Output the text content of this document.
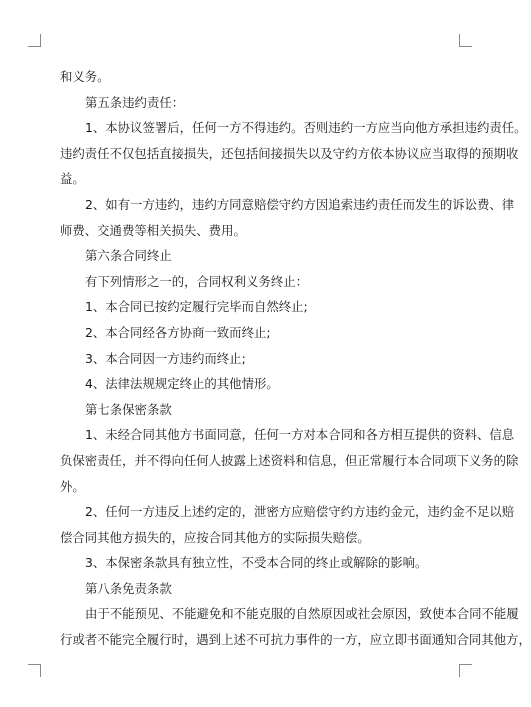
和义务。
第五条违约责任：
1、本协议签署后，任何一方不得违约。否则违约一方应当向他方承担违约责任。
违约责任不仅包括直接损失，还包括间接损失以及守约方依本协议应当取得的预期收
益。
2、如有一方违约，违约方同意赔偿守约方因追索违约责任而发生的诉讼费、律
师费、交通费等相关损失、费用。
第六条合同终止
有下列情形之一的，合同权利义务终止：
1、本合同已按约定履行完毕而自然终止;
2、本合同经各方协商一致而终止;
3、本合同因一方违约而终止;
4、法律法规规定终止的其他情形。
第七条保密条款
1、未经合同其他方书面同意，任何一方对本合同和各方相互提供的资料、信息
负保密责任，并不得向任何人披露上述资料和信息，但正常履行本合同项下义务的除
外。
2、任何一方违反上述约定的，泄密方应赔偿守约方违约金元，违约金不足以赔
偿合同其他方损失的，应按合同其他方的实际损失赔偿。
3、本保密条款具有独立性，不受本合同的终止或解除的影响。
第八条免责条款
由于不能预见、不能避免和不能克服的自然原因或社会原因，致使本合同不能履
行或者不能完全履行时，遇到上述不可抗力事件的一方，应立即书面通知合同其他方，
